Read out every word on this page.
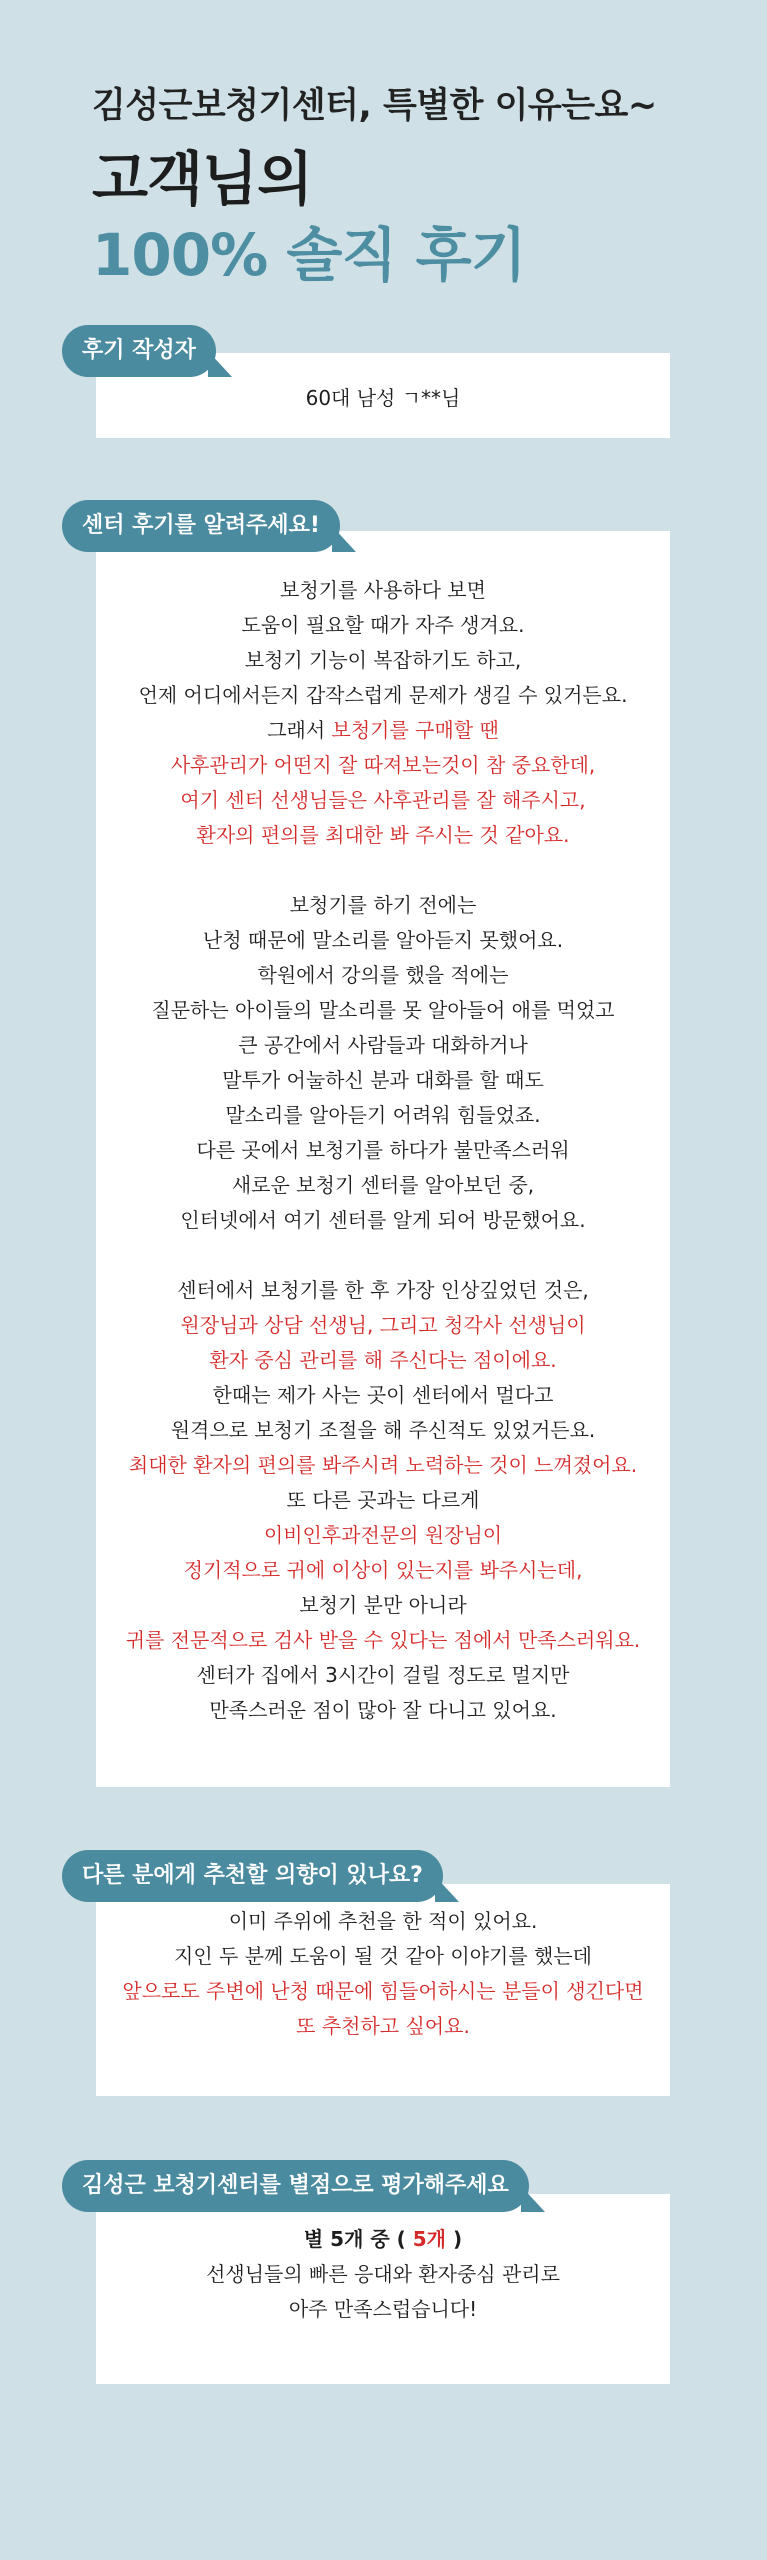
김성근보청기센터, 특별한 이유는요~

고객님의

100% 솔직 후기

후기 작성자
60대 남성 ㄱ**님
센터 후기를 알려주세요!
보청기를 사용하다 보면
도움이 필요할 때가 자주 생겨요.
보청기 기능이 복잡하기도 하고,
언제 어디에서든지 갑작스럽게 문제가 생길 수 있거든요.
그래서 보청기를 구매할 땐
사후관리가 어떤지 잘 따져보는것이 참 중요한데,
여기 센터 선생님들은 사후관리를 잘 해주시고,
환자의 편의를 최대한 봐 주시는 것 같아요.
보청기를 하기 전에는
난청 때문에 말소리를 알아듣지 못했어요.
학원에서 강의를 했을 적에는
질문하는 아이들의 말소리를 못 알아들어 애를 먹었고
큰 공간에서 사람들과 대화하거나
말투가 어눌하신 분과 대화를 할 때도
말소리를 알아듣기 어려워 힘들었죠.
다른 곳에서 보청기를 하다가 불만족스러워
새로운 보청기 센터를 알아보던 중,
인터넷에서 여기 센터를 알게 되어 방문했어요.
센터에서 보청기를 한 후 가장 인상깊었던 것은,
원장님과 상담 선생님, 그리고 청각사 선생님이
환자 중심 관리를 해 주신다는 점이에요.
한때는 제가 사는 곳이 센터에서 멀다고
원격으로 보청기 조절을 해 주신적도 있었거든요.
최대한 환자의 편의를 봐주시려 노력하는 것이 느껴졌어요.
또 다른 곳과는 다르게
이비인후과전문의 원장님이
정기적으로 귀에 이상이 있는지를 봐주시는데,
보청기 분만 아니라
귀를 전문적으로 검사 받을 수 있다는 점에서 만족스러워요.
센터가 집에서 3시간이 걸릴 정도로 멀지만
만족스러운 점이 많아 잘 다니고 있어요.
다른 분에게 추천할 의향이 있나요?
이미 주위에 추천을 한 적이 있어요.
지인 두 분께 도움이 될 것 같아 이야기를 했는데
앞으로도 주변에 난청 때문에 힘들어하시는 분들이 생긴다면
또 추천하고 싶어요.
김성근 보청기센터를 별점으로 평가해주세요
별 5개 중 ( 5개 )
선생님들의 빠른 응대와 환자중심 관리로
아주 만족스럽습니다!
